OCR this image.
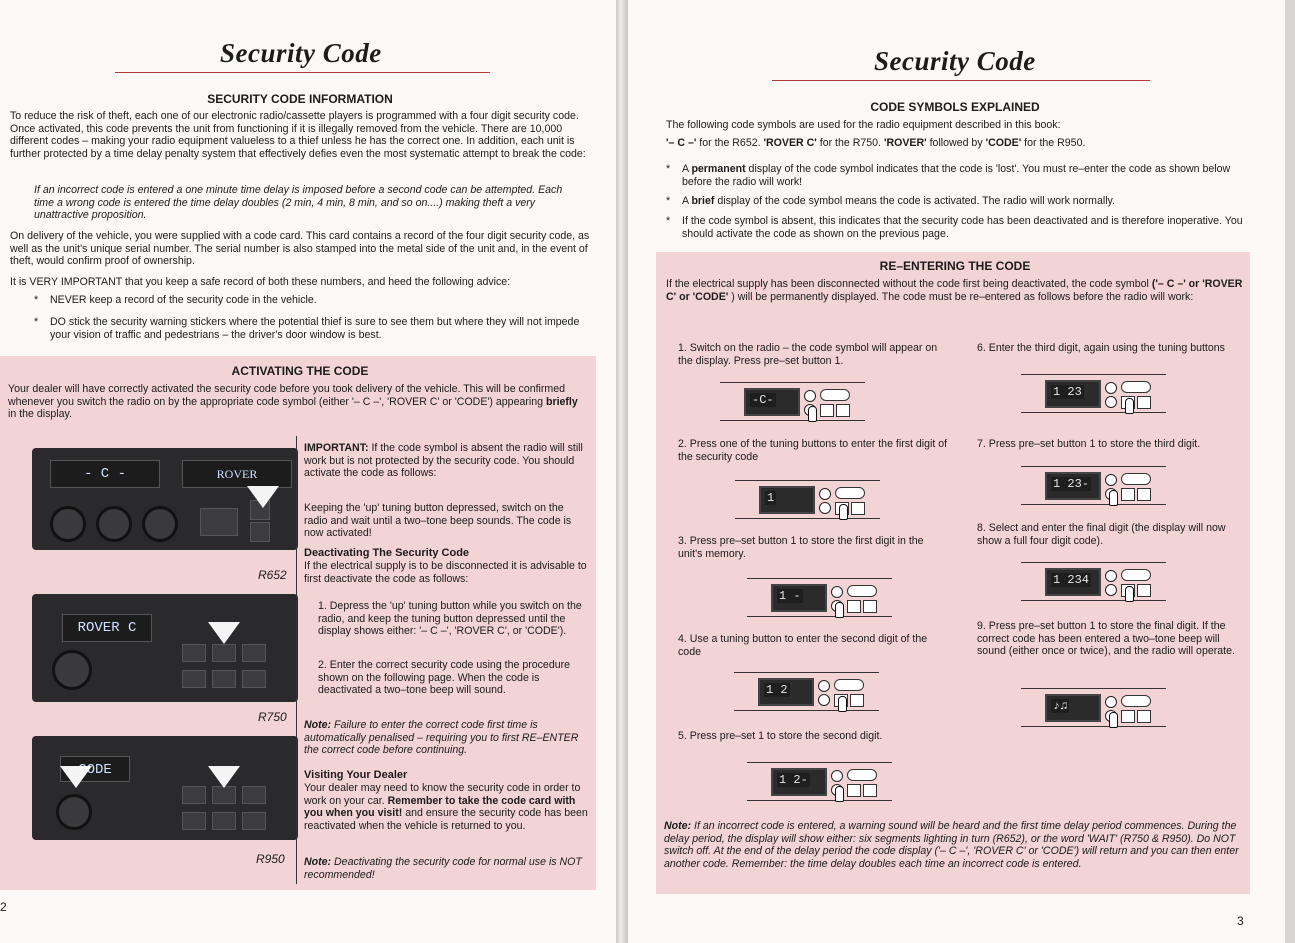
Security Code
SECURITY CODE INFORMATION
To reduce the risk of theft, each one of our electronic radio/cassette players is programmed with a four digit security code. Once activated, this code prevents the unit from functioning if it is illegally removed from the vehicle. There are 10,000 different codes – making your radio equipment valueless to a thief unless he has the correct one. In addition, each unit is further protected by a time delay penalty system that effectively defies even the most systematic attempt to break the code:
If an incorrect code is entered a one minute time delay is imposed before a second code can be attempted. Each time a wrong code is entered the time delay doubles (2 min, 4 min, 8 min, and so on....) making theft a very unattractive proposition.
On delivery of the vehicle, you were supplied with a code card. This card contains a record of the four digit security code, as well as the unit's unique serial number. The serial number is also stamped into the metal side of the unit and, in the event of theft, would confirm proof of ownership.
It is VERY IMPORTANT that you keep a safe record of both these numbers, and heed the following advice:
* NEVER keep a record of the security code in the vehicle.
* DO stick the security warning stickers where the potential thief is sure to see them but where they will not impede your vision of traffic and pedestrians – the driver's door window is best.
ACTIVATING THE CODE
Your dealer will have correctly activated the security code before you took delivery of the vehicle. This will be confirmed whenever you switch the radio on by the appropriate code symbol (either '– C –', 'ROVER C' or 'CODE') appearing briefly in the display.
- C -	ROVER
R652
ROVER C
R750
CODE
R950
IMPORTANT: If the code symbol is absent the radio will still work but is not protected by the security code. You should activate the code as follows:
Keeping the 'up' tuning button depressed, switch on the radio and wait until a two–tone beep sounds. The code is now activated!
Deactivating The Security Code
If the electrical supply is to be disconnected it is advisable to first deactivate the code as follows:
1. Depress the 'up' tuning button while you switch on the radio, and keep the tuning button depressed until the display shows either: '– C –', 'ROVER C', or 'CODE').
2. Enter the correct security code using the procedure shown on the following page. When the code is deactivated a two–tone beep will sound.
Note: Failure to enter the correct code first time is automatically penalised – requiring you to first RE–ENTER the correct code before continuing.
Visiting Your Dealer
Your dealer may need to know the security code in order to work on your car. Remember to take the code card with you when you visit! and ensure the security code has been reactivated when the vehicle is returned to you.
Note: Deactivating the security code for normal use is NOT recommended!
2
Security Code
CODE SYMBOLS EXPLAINED
The following code symbols are used for the radio equipment described in this book:
'– C –' for the R652. 'ROVER C' for the R750. 'ROVER' followed by 'CODE' for the R950.
* A permanent display of the code symbol indicates that the code is 'lost'. You must re–enter the code as shown below before the radio will work!
* A brief display of the code symbol means the code is activated. The radio will work normally.
* If the code symbol is absent, this indicates that the security code has been deactivated and is therefore inoperative. You should activate the code as shown on the previous page.
RE–ENTERING THE CODE
If the electrical supply has been disconnected without the code first being deactivated, the code symbol ('– C –' or 'ROVER C' or 'CODE' ) will be permanently displayed. The code must be re–entered as follows before the radio will work:
1. Switch on the radio – the code symbol will appear on the display. Press pre–set button 1.
2. Press one of the tuning buttons to enter the first digit of the security code
3. Press pre–set button 1 to store the first digit in the unit's memory.
4. Use a tuning button to enter the second digit of the code
5. Press pre–set 1 to store the second digit.
6. Enter the third digit, again using the tuning buttons
7. Press pre–set button 1 to store the third digit.
8. Select and enter the final digit (the display will now show a full four digit code).
9. Press pre–set button 1 to store the final digit. If the correct code has been entered a two–tone beep will sound (either once or twice), and the radio will operate.
-C-
1
1 -
1 2
1 2-
1 23
1 23-
1 234
♪♫
Note: If an incorrect code is entered, a warning sound will be heard and the first time delay period commences. During the delay period, the display will show either: six segments lighting in turn (R652), or the word 'WAIT' (R750 & R950). Do NOT switch off. At the end of the delay period the code display ('– C –', 'ROVER C' or 'CODE') will return and you can then enter another code. Remember: the time delay doubles each time an incorrect code is entered.
3
